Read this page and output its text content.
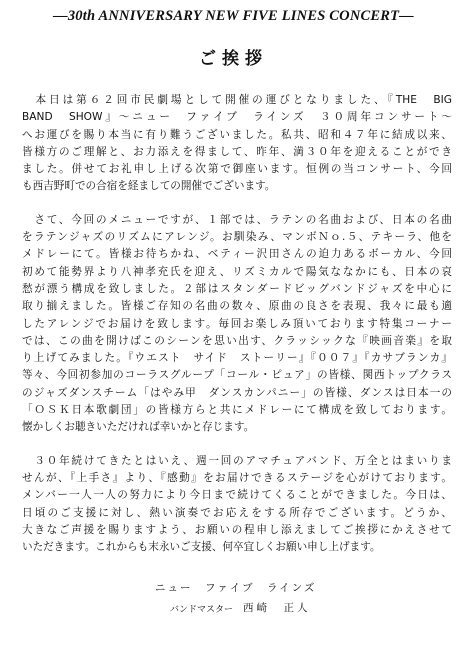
—30th ANNIVERSARY NEW FIVE LINES CONCERT—
ご挨拶

　本日は第６２回市民劇場として開催の運びとなりました、『THE　BIG
BAND　SHOW』〜ニュー　ファイブ　ラインズ　３０周年コンサート〜
へお運びを賜り本当に有り難うございました。私共、昭和４７年に結成以来、
皆様方のご理解と、お力添えを得まして、昨年、満３０年を迎えることができ
ました。併せてお礼申し上げる次第で御座います。恒例の当コンサート、今回
も西吉野町での合宿を経ましての開催でございます。

　さて、今回のメニューですが、１部では、ラテンの名曲および、日本の名曲
をラテンジャズのリズムにアレンジ。お馴染み、マンボＮｏ.５、テキーラ、他を
メドレーにて。皆様お待ちかね、ベティー沢田さんの迫力あるボーカル、今回
初めて能勢界より八神孝充氏を迎え、リズミカルで陽気ななかにも、日本の哀
愁が漂う構成を致しました。２部はスタンダードビッグバンドジャズを中心に
取り揃えました。皆様ご存知の名曲の数々、原曲の良さを表現、我々に最も適
したアレンジでお届けを致します。毎回お楽しみ頂いております特集コーナー
では、この曲を開けばこのシーンを思い出す、クラッシックな『映画音楽』を取
り上げてみました。『ウエスト　サイド　ストーリー』『００７』『カサブランカ』
等々、今回初参加のコーラスグループ「コール・ピュア」の皆様、関西トップクラス
のジャズダンスチーム「はやみ甲　ダンスカンパニー」の皆様、ダンスは日本一の
「ＯＳＫ日本歌劇団」の皆様方らと共にメドレーにて構成を致しております。
懐かしくお聴きいただければ幸いかと存じます。

　３０年続けてきたとはいえ、週一回のアマチュアバンド、万全とはまいりま
せんが、『上手さ』より、『感動』をお届けできるステージを心がけております。
メンバー一人一人の努力により今日まで続けてくることができました。今日は、
日頃のご支援に対し、熱い演奏でお応えをする所存でございます。どうか、
大きなご声援を賜りますよう、お願いの程申し添えましてご挨拶にかえさせて
いただきます。これからも末永いご支援、何卒宜しくお願い申し上げます。

ニュー　ファイブ　ラインズ
バンドマスター 西崎　正人
